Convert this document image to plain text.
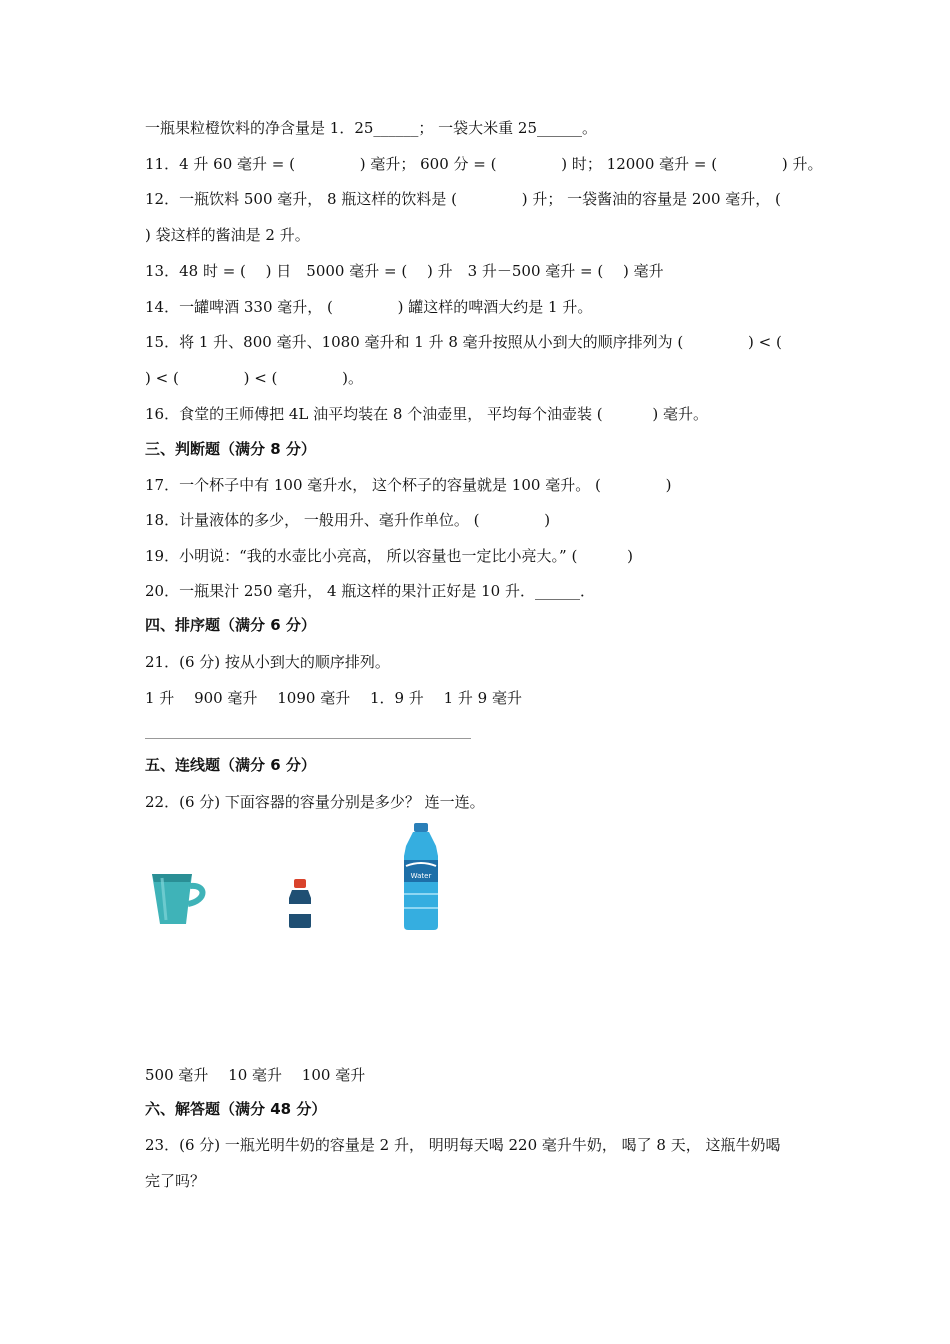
一瓶果粒橙饮料的净含量是 1．25______； 一袋大米重 25______。
11．4 升 60 毫升 = (　　　　 ) 毫升； 600 分 = (　　　　 ) 时； 12000 毫升 = (　　　　 ) 升。
12．一瓶饮料 500 毫升， 8 瓶这样的饮料是 (　　　　 ) 升； 一袋酱油的容量是 200 毫升， (
) 袋这样的酱油是 2 升。
13．48 时 = (　 ) 日　5000 毫升 = (　 ) 升　3 升－500 毫升 = (　 ) 毫升
14．一罐啤酒 330 毫升， (　　　　 ) 罐这样的啤酒大约是 1 升。
15．将 1 升、800 毫升、1080 毫升和 1 升 8 毫升按照从小到大的顺序排列为 (　　　　 ) < (
) < (　　　　 ) < (　　　　 )。
16．食堂的王师傅把 4L 油平均装在 8 个油壶里， 平均每个油壶装 (　　　 ) 毫升。
三、判断题（满分 8 分）
17．一个杯子中有 100 毫升水， 这个杯子的容量就是 100 毫升。 (　　　　 )
18．计量液体的多少， 一般用升、毫升作单位。 (　　　　 )
19．小明说：“我的水壶比小亮高， 所以容量也一定比小亮大。” (　　　 )
20．一瓶果汁 250 毫升， 4 瓶这样的果汁正好是 10 升．______．
四、排序题（满分 6 分）
21．(6 分) 按从小到大的顺序排列。
1 升　 900 毫升　 1090 毫升　 1．9 升　 1 升 9 毫升
五、连线题（满分 6 分）
22．(6 分) 下面容器的容量分别是多少？ 连一连。
Water
500 毫升　 10 毫升　 100 毫升
六、解答题（满分 48 分）
23．(6 分) 一瓶光明牛奶的容量是 2 升， 明明每天喝 220 毫升牛奶， 喝了 8 天， 这瓶牛奶喝
完了吗？
